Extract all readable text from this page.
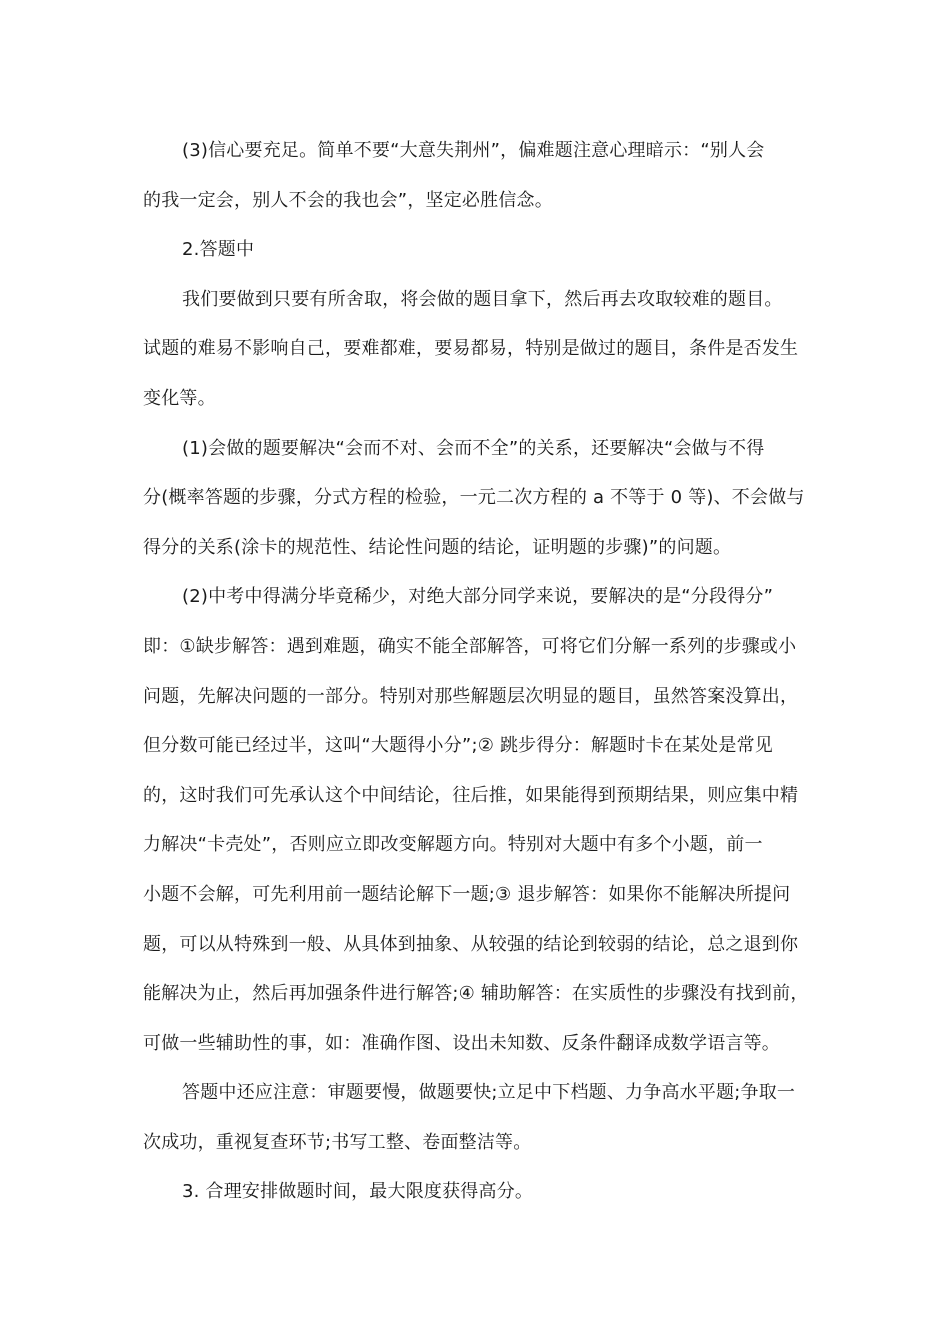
(3)信心要充足。简单不要“大意失荆州”，偏难题注意心理暗示：“别人会
的我一定会，别人不会的我也会”，坚定必胜信念。
2.答题中
我们要做到只要有所舍取，将会做的题目拿下，然后再去攻取较难的题目。
试题的难易不影响自己，要难都难，要易都易，特别是做过的题目，条件是否发生
变化等。
(1)会做的题要解决“会而不对、会而不全”的关系，还要解决“会做与不得
分(概率答题的步骤，分式方程的检验，一元二次方程的 a 不等于 0 等)、不会做与
得分的关系(涂卡的规范性、结论性问题的结论，证明题的步骤)”的问题。
(2)中考中得满分毕竟稀少，对绝大部分同学来说，要解决的是“分段得分”
即：①缺步解答：遇到难题，确实不能全部解答，可将它们分解一系列的步骤或小
问题，先解决问题的一部分。特别对那些解题层次明显的题目，虽然答案没算出，
但分数可能已经过半，这叫“大题得小分”;② 跳步得分：解题时卡在某处是常见
的，这时我们可先承认这个中间结论，往后推，如果能得到预期结果，则应集中精
力解决“卡壳处”，否则应立即改变解题方向。特别对大题中有多个小题，前一
小题不会解，可先利用前一题结论解下一题;③ 退步解答：如果你不能解决所提问
题，可以从特殊到一般、从具体到抽象、从较强的结论到较弱的结论，总之退到你
能解决为止，然后再加强条件进行解答;④ 辅助解答：在实质性的步骤没有找到前，
可做一些辅助性的事，如：准确作图、设出未知数、反条件翻译成数学语言等。
答题中还应注意：审题要慢，做题要快;立足中下档题、力争高水平题;争取一
次成功，重视复查环节;书写工整、卷面整洁等。
3. 合理安排做题时间，最大限度获得高分。
